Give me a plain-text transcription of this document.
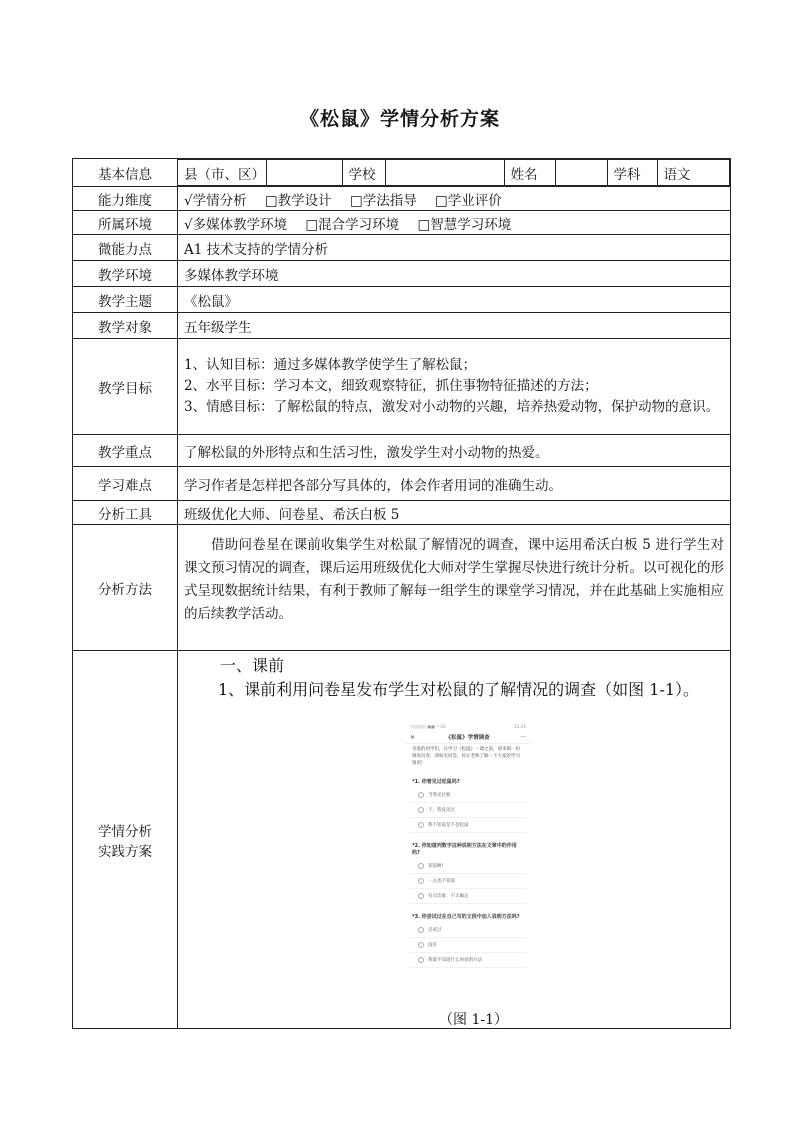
《松鼠》学情分析方案
基本信息	县（市、区）		学校		姓名		学科	语文

能力维度	√学情分析 □教学设计 □学法指导 □学业评价
所属环境	√多媒体教学环境 □混合学习环境 □智慧学习环境
微能力点	A1 技术支持的学情分析
教学环境	多媒体教学环境
教学主题	《松鼠》
教学对象	五年级学生
教学目标	
1、认知目标：通过多媒体教学使学生了解松鼠；
2、水平目标：学习本文，细致观察特征，抓住事物特征描述的方法；
3、情感目标：了解松鼠的特点，激发对小动物的兴趣，培养热爱动物，保护动物的意识。

教学重点	了解松鼠的外形特点和生活习性，激发学生对小动物的热爱。
学习难点	学习作者是怎样把各部分写具体的，体会作者用词的准确生动。
分析工具	班级优化大师、问卷星、希沃白板 5
分析方法	借助问卷星在课前收集学生对松鼠了解情况的调查，课中运用希沃白板 5 进行学生对课文预习情况的调查，课后运用班级优化大师对学生掌握尽快进行统计分析。以可视化的形式呈现数据统计结果，有利于教师了解每一组学生的课堂学习情况，并在此基础上实施相应的后续教学活动。

学情分析
实践方案

一、课前
1、课前利用问卷星发布学生对松鼠的了解情况的调查（如图 1-1）。
中国电信 ■■ ᵃˡˡ 4G	12:26
×	《松鼠》学情调查	···
亲爱的同学们，在学习《松鼠》一课之前，请来填一份调查问卷，请如实回答，好让老师了解一下大家的学习情况!
*1. 你曾见过松鼠吗?
当然见过啦
不，我没见过
我不知道是不是松鼠
*2. 你知道列数字这种说明方法在文章中的作用吗?
知道啊!
一点也不知道
有点印象，不太确定
*3. 你尝试过在自己写的文段中加入说明方法吗?
尝试过
没有
我都不知道什么叫说明方法
（图 1-1）
